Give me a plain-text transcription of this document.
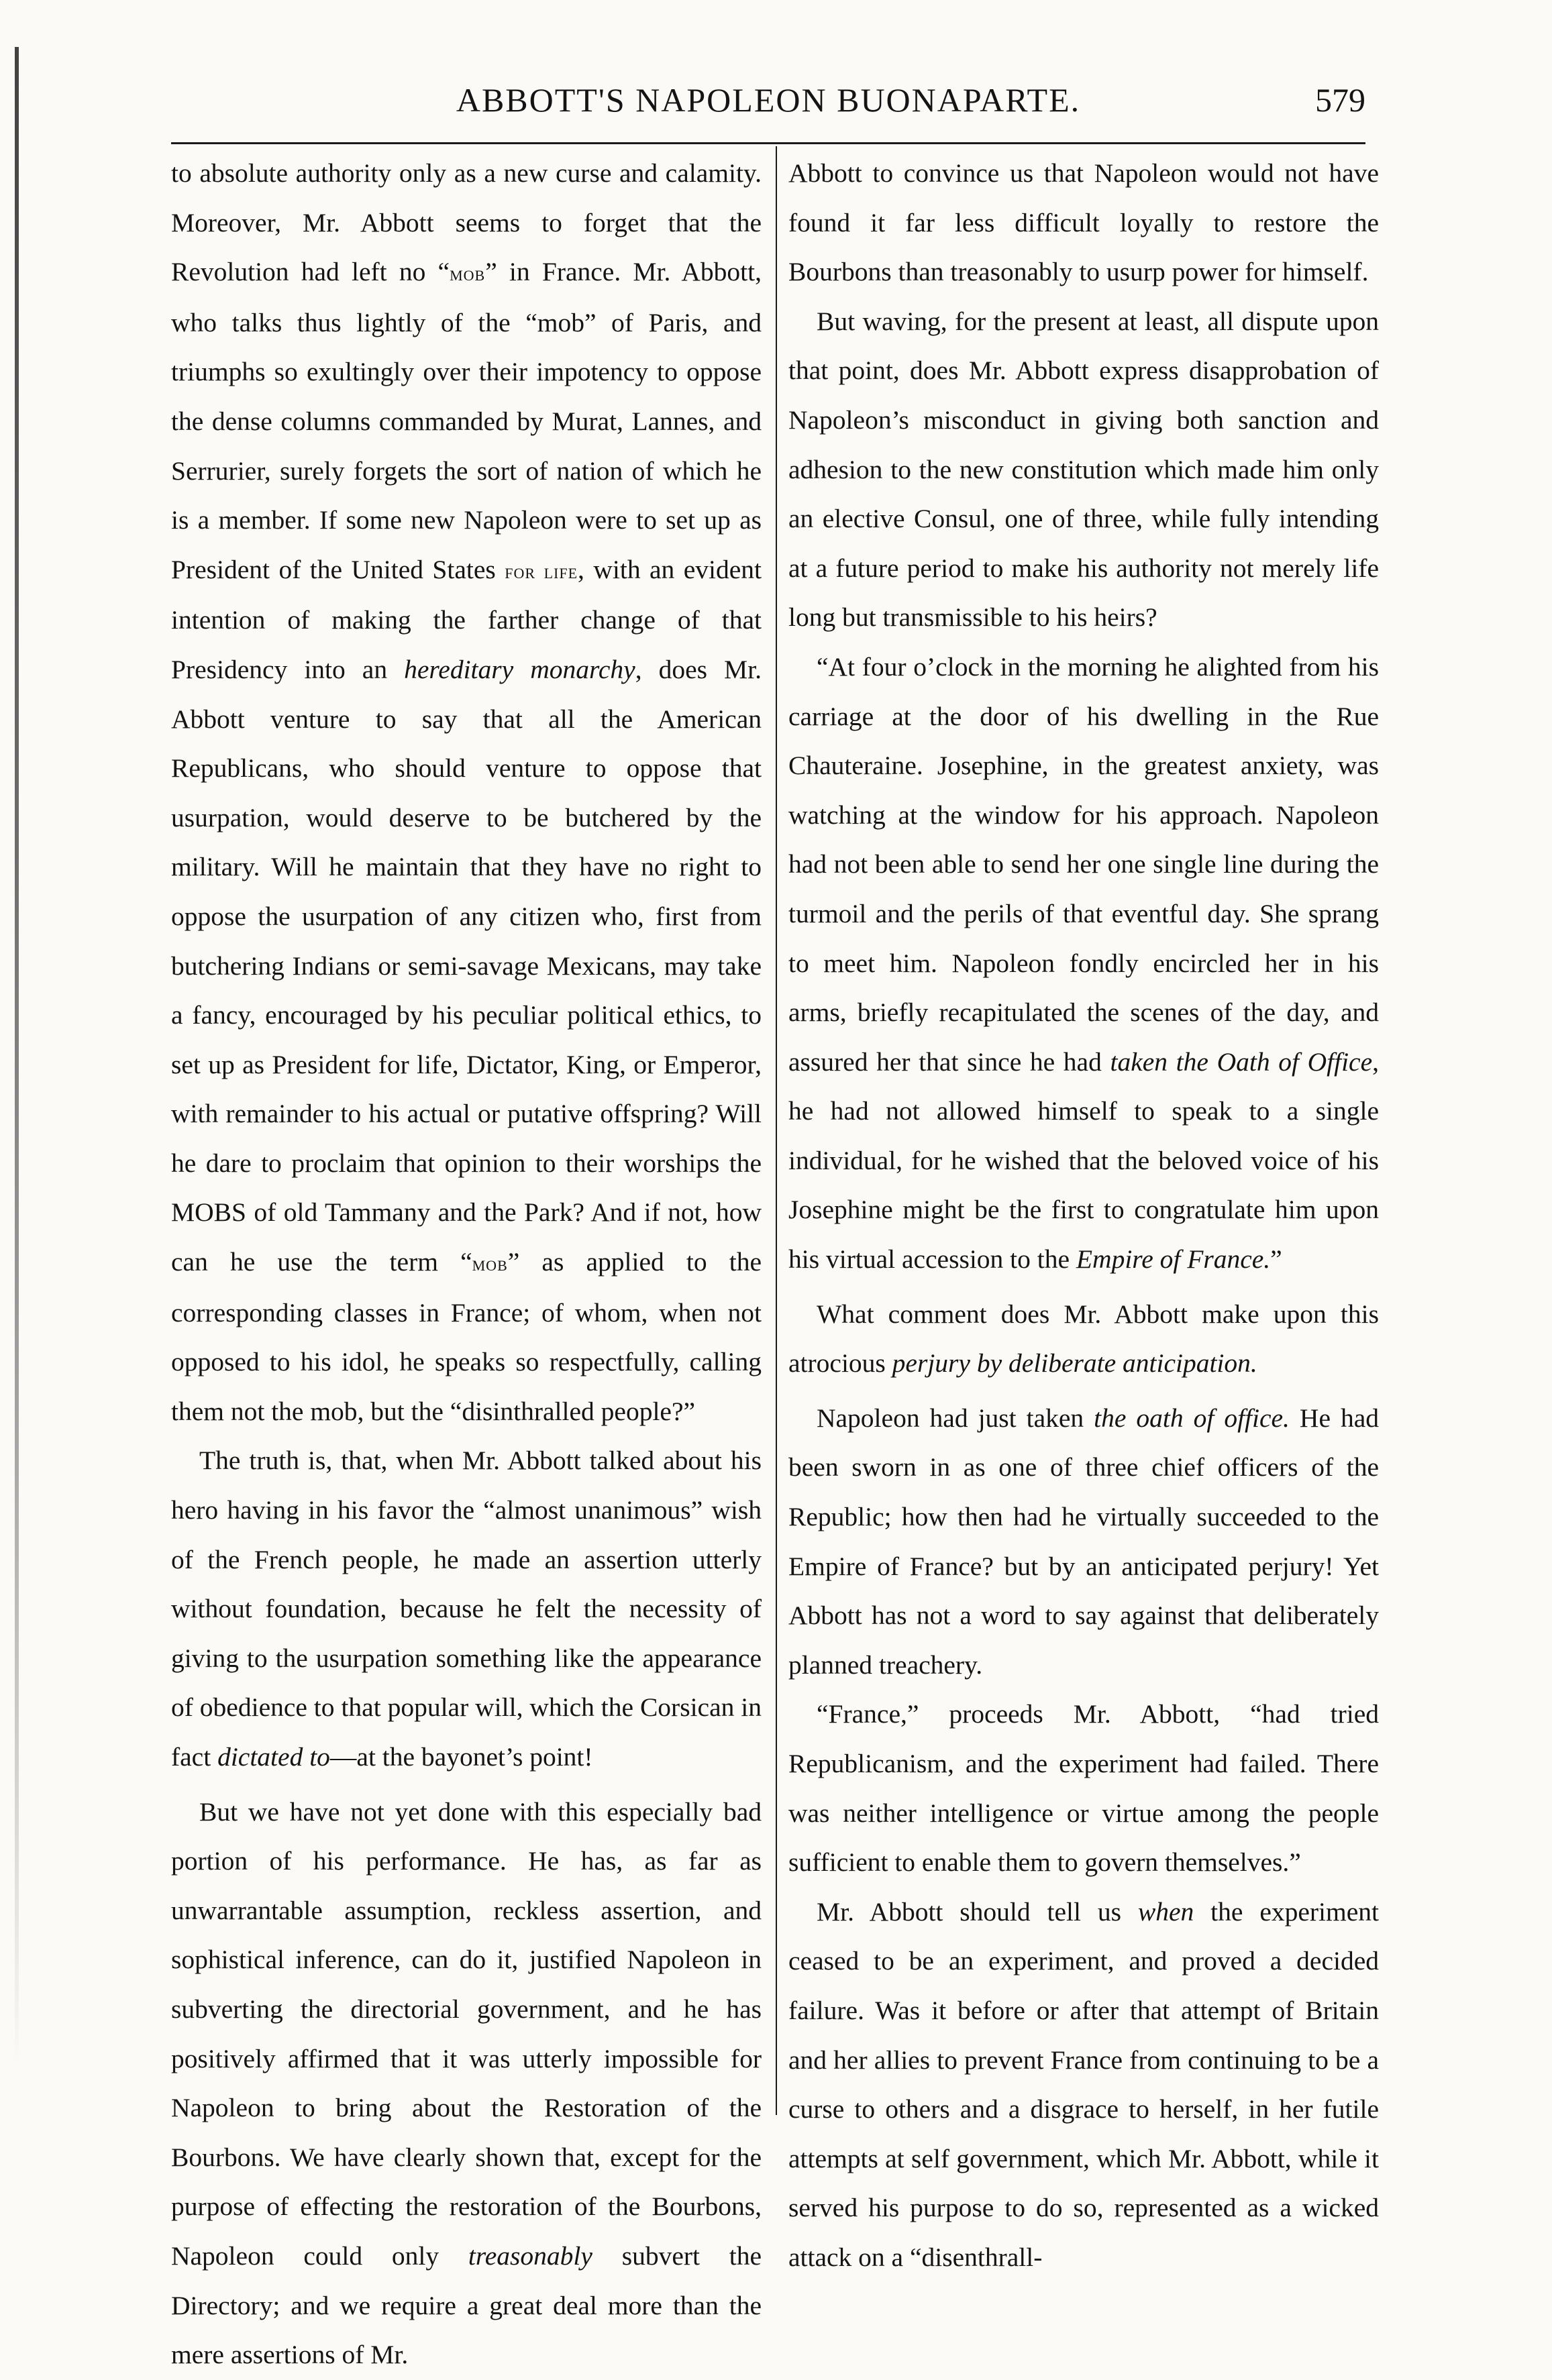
ABBOTT'S NAPOLEON BUONAPARTE.	579

to absolute authority only as a new curse and calamity. Moreover, Mr. Abbott seems to forget that the Revolution had left no “mob” in France. Mr. Abbott, who talks thus lightly of the “mob” of Paris, and triumphs so exultingly over their impotency to oppose the dense columns commanded by Murat, Lannes, and Serrurier, surely forgets the sort of nation of which he is a member. If some new Napoleon were to set up as President of the United States for life, with an evident intention of making the farther change of that Presidency into an hereditary monarchy, does Mr. Abbott venture to say that all the American Republicans, who should venture to oppose that usurpation, would deserve to be butchered by the military. Will he maintain that they have no right to oppose the usurpation of any citizen who, first from butchering Indians or semi-savage Mexicans, may take a fancy, encouraged by his peculiar political ethics, to set up as President for life, Dictator, King, or Emperor, with remainder to his actual or putative offspring? Will he dare to proclaim that opinion to their worships the MOBS of old Tammany and the Park? And if not, how can he use the term “mob” as applied to the corresponding classes in France; of whom, when not opposed to his idol, he speaks so respectfully, calling them not the mob, but the “disinthralled people?”

The truth is, that, when Mr. Abbott talked about his hero having in his favor the “almost unanimous” wish of the French people, he made an assertion utterly without foundation, because he felt the necessity of giving to the usurpation something like the appearance of obedience to that popular will, which the Corsican in fact dictated to—at the bayonet’s point!

But we have not yet done with this especially bad portion of his performance. He has, as far as unwarrantable assumption, reckless assertion, and sophistical inference, can do it, justified Napoleon in subverting the directorial government, and he has positively affirmed that it was utterly impossible for Napoleon to bring about the Restoration of the Bourbons. We have clearly shown that, except for the purpose of effecting the restoration of the Bourbons, Napoleon could only treasonably subvert the Directory; and we require a great deal more than the mere assertions of Mr.

Abbott to convince us that Napoleon would not have found it far less difficult loyally to restore the Bourbons than treasonably to usurp power for himself.

But waving, for the present at least, all dispute upon that point, does Mr. Abbott express disapprobation of Napoleon’s misconduct in giving both sanction and adhesion to the new constitution which made him only an elective Consul, one of three, while fully intending at a future period to make his authority not merely life long but transmissible to his heirs?

“At four o’clock in the morning he alighted from his carriage at the door of his dwelling in the Rue Chauteraine. Josephine, in the greatest anxiety, was watching at the window for his approach. Napoleon had not been able to send her one single line during the turmoil and the perils of that eventful day. She sprang to meet him. Napoleon fondly encircled her in his arms, briefly recapitulated the scenes of the day, and assured her that since he had taken the Oath of Office, he had not allowed himself to speak to a single individual, for he wished that the beloved voice of his Josephine might be the first to congratulate him upon his virtual accession to the Empire of France.”

What comment does Mr. Abbott make upon this atrocious perjury by deliberate anticipation.

Napoleon had just taken the oath of office. He had been sworn in as one of three chief officers of the Republic; how then had he virtually succeeded to the Empire of France? but by an anticipated perjury! Yet Abbott has not a word to say against that deliberately planned treachery.

“France,” proceeds Mr. Abbott, “had tried Republicanism, and the experiment had failed. There was neither intelligence or virtue among the people sufficient to enable them to govern themselves.”

Mr. Abbott should tell us when the experiment ceased to be an experiment, and proved a decided failure. Was it before or after that attempt of Britain and her allies to prevent France from continuing to be a curse to others and a disgrace to herself, in her futile attempts at self government, which Mr. Abbott, while it served his purpose to do so, represented as a wicked attack on a “disenthrall-
